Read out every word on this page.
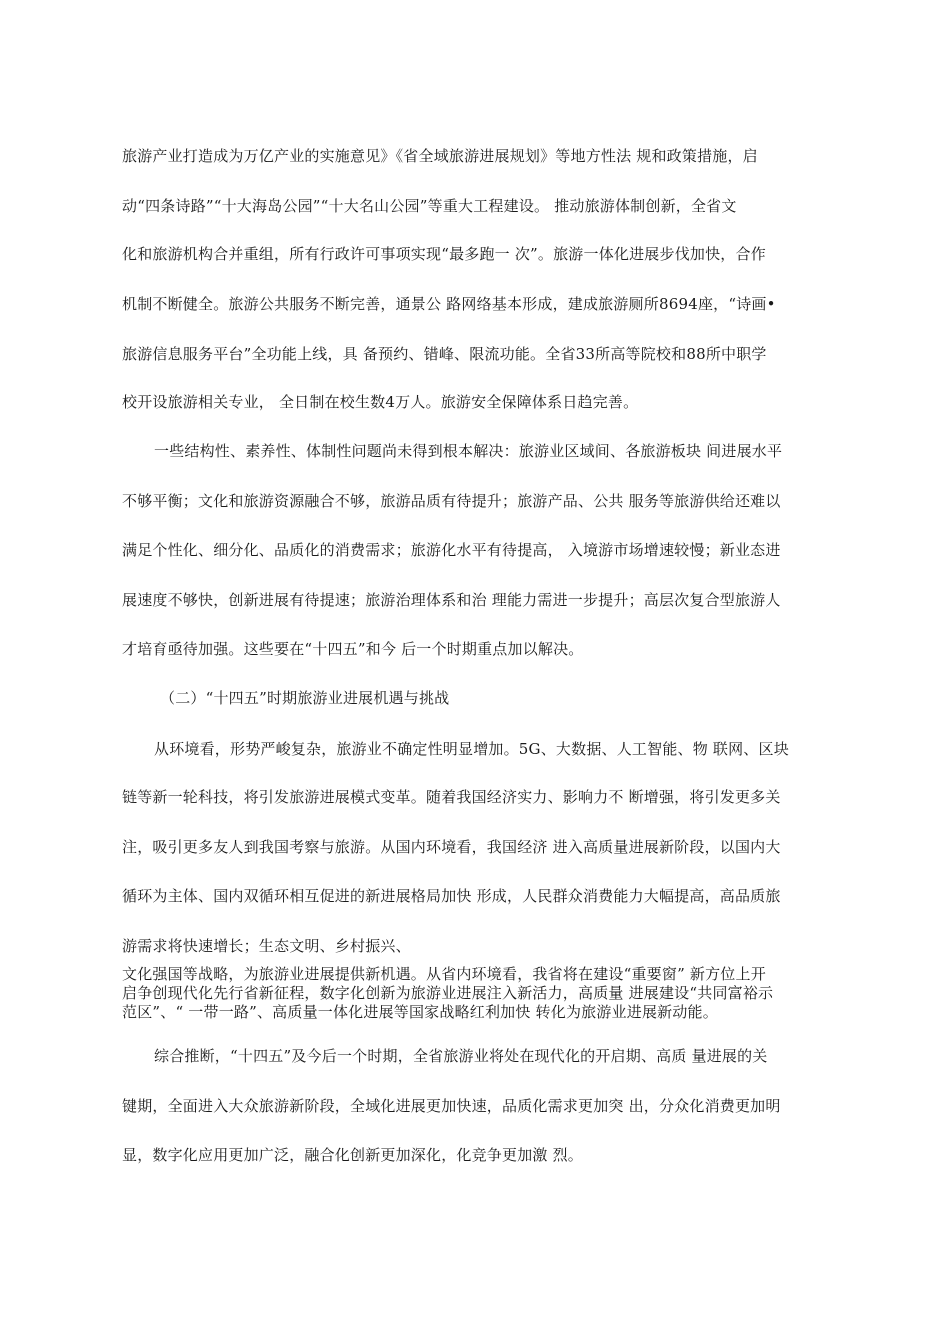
旅游产业打造成为万亿产业的实施意见》《省全域旅游进展规划》等地方性法 规和政策措施，启
动“四条诗路”“十大海岛公园”“十大名山公园”等重大工程建设。 推动旅游体制创新，全省文
化和旅游机构合并重组，所有行政许可事项实现“最多跑一 次”。旅游一体化进展步伐加快，合作
机制不断健全。旅游公共服务不断完善，通景公 路网络基本形成，建成旅游厕所8694座，“诗画•
旅游信息服务平台”全功能上线，具 备预约、错峰、限流功能。全省33所高等院校和88所中职学
校开设旅游相关专业， 全日制在校生数4万人。旅游安全保障体系日趋完善。
一些结构性、素养性、体制性问题尚未得到根本解决：旅游业区域间、各旅游板块 间进展水平
不够平衡；文化和旅游资源融合不够，旅游品质有待提升；旅游产品、公共 服务等旅游供给还难以
满足个性化、细分化、品质化的消费需求；旅游化水平有待提高， 入境游市场增速较慢；新业态进
展速度不够快，创新进展有待提速；旅游治理体系和治 理能力需进一步提升；高层次复合型旅游人
才培育亟待加强。这些要在“十四五”和今 后一个时期重点加以解决。
（二）“十四五”时期旅游业进展机遇与挑战
从环境看，形势严峻复杂，旅游业不确定性明显增加。5G、大数据、人工智能、物 联网、区块
链等新一轮科技，将引发旅游进展模式变革。随着我国经济实力、影响力不 断增强，将引发更多关
注，吸引更多友人到我国考察与旅游。从国内环境看，我国经济 进入高质量进展新阶段，以国内大
循环为主体、国内双循环相互促进的新进展格局加快 形成，人民群众消费能力大幅提高，高品质旅
游需求将快速增长；生态文明、乡村振兴、
文化强国等战略，为旅游业进展提供新机遇。从省内环境看，我省将在建设“重要窗” 新方位上开
启争创现代化先行省新征程，数字化创新为旅游业进展注入新活力，高质量 进展建设“共同富裕示
范区”、“ 一带一路”、高质量一体化进展等国家战略红利加快 转化为旅游业进展新动能。
综合推断，“十四五”及今后一个时期，全省旅游业将处在现代化的开启期、高质 量进展的关
键期，全面进入大众旅游新阶段，全域化进展更加快速，品质化需求更加突 出，分众化消费更加明
显，数字化应用更加广泛，融合化创新更加深化，化竞争更加激 烈。
